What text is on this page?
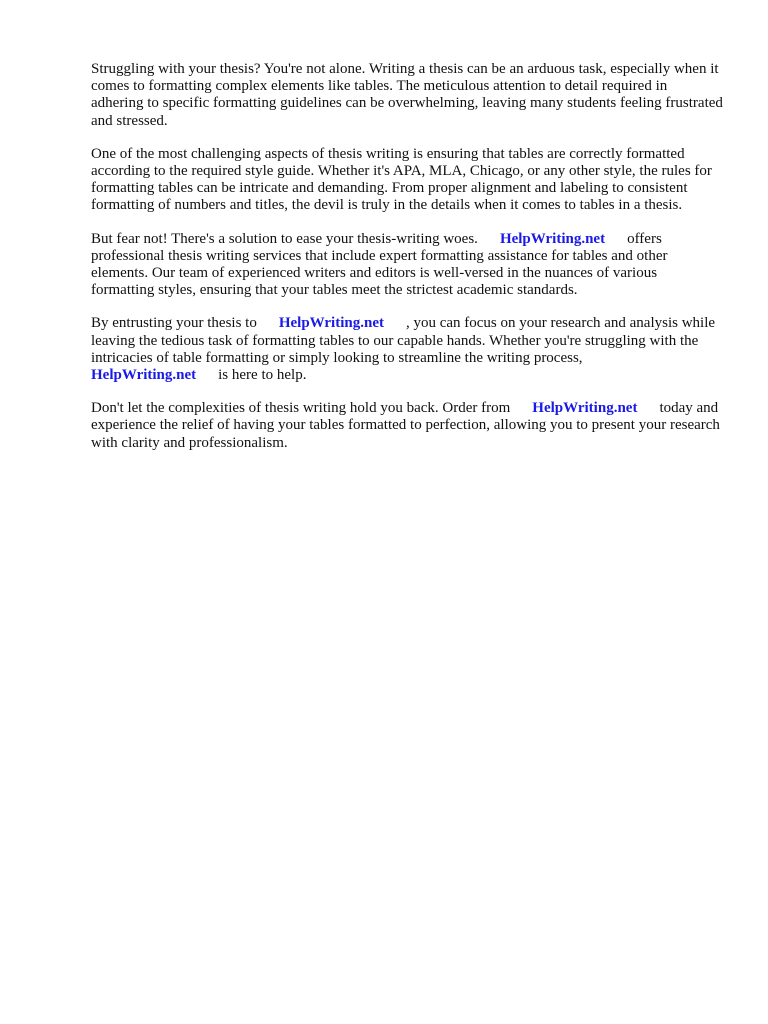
Struggling with your thesis? You're not alone. Writing a thesis can be an arduous task, especially when it comes to formatting complex elements like tables. The meticulous attention to detail required in adhering to specific formatting guidelines can be overwhelming, leaving many students feeling frustrated and stressed.

One of the most challenging aspects of thesis writing is ensuring that tables are correctly formatted according to the required style guide. Whether it's APA, MLA, Chicago, or any other style, the rules for formatting tables can be intricate and demanding. From proper alignment and labeling to consistent formatting of numbers and titles, the devil is truly in the details when it comes to tables in a thesis.

But fear not! There's a solution to ease your thesis-writing woes. HelpWriting.net offers professional thesis writing services that include expert formatting assistance for tables and other elements. Our team of experienced writers and editors is well-versed in the nuances of various formatting styles, ensuring that your tables meet the strictest academic standards.

By entrusting your thesis to HelpWriting.net , you can focus on your research and analysis while leaving the tedious task of formatting tables to our capable hands. Whether you're struggling with the intricacies of table formatting or simply looking to streamline the writing process, HelpWriting.net is here to help.

Don't let the complexities of thesis writing hold you back. Order from HelpWriting.net today and experience the relief of having your tables formatted to perfection, allowing you to present your research with clarity and professionalism.
